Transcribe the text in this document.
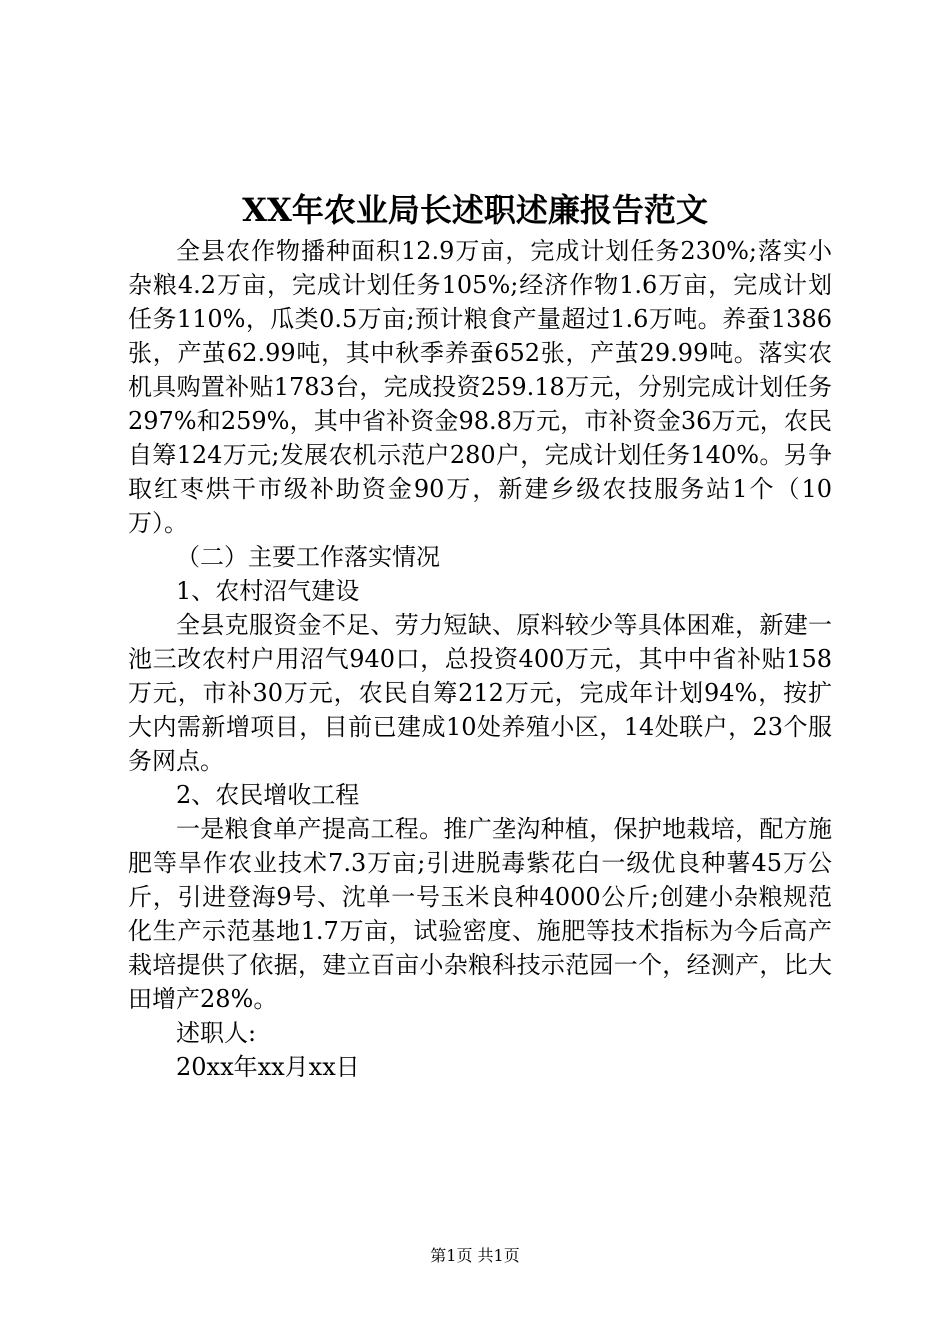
XX年农业局长述职述廉报告范文

全县农作物播种面积12.9万亩，完成计划任务230%;落实小杂粮4.2万亩，完成计划任务105%;经济作物1.6万亩，完成计划任务110%，瓜类0.5万亩;预计粮食产量超过1.6万吨。养蚕1386张，产茧62.99吨，其中秋季养蚕652张，产茧29.99吨。落实农机具购置补贴1783台，完成投资259.18万元，分别完成计划任务297%和259%，其中省补资金98.8万元，市补资金36万元，农民自筹124万元;发展农机示范户280户，完成计划任务140%。另争取红枣烘干市级补助资金90万，新建乡级农技服务站1个（10万）。

（二）主要工作落实情况

1、农村沼气建设

全县克服资金不足、劳力短缺、原料较少等具体困难，新建一池三改农村户用沼气940口，总投资400万元，其中中省补贴158万元，市补30万元，农民自筹212万元，完成年计划94%，按扩大内需新增项目，目前已建成10处养殖小区，14处联户，23个服务网点。

2、农民增收工程

一是粮食单产提高工程。推广垄沟种植，保护地栽培，配方施肥等旱作农业技术7.3万亩;引进脱毒紫花白一级优良种薯45万公斤，引进登海9号、沈单一号玉米良种4000公斤;创建小杂粮规范化生产示范基地1.7万亩，试验密度、施肥等技术指标为今后高产栽培提供了依据，建立百亩小杂粮科技示范园一个，经测产，比大田增产28%。

述职人:

20xx年xx月xx日

第1页 共1页
